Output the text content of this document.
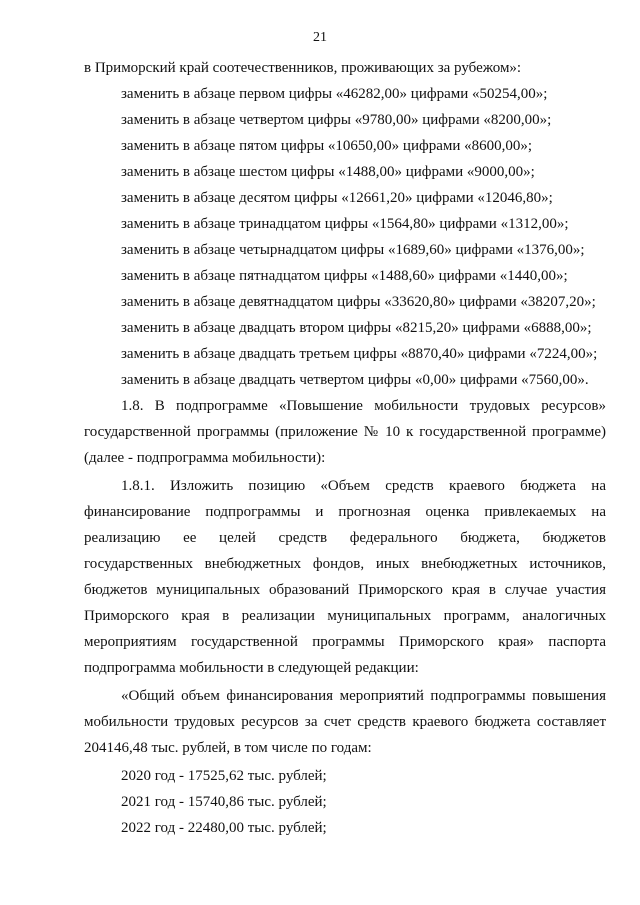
21
в Приморский край соотечественников, проживающих за рубежом»:
заменить в абзаце первом цифры «46282,00» цифрами «50254,00»;
заменить в абзаце четвертом цифры «9780,00» цифрами «8200,00»;
заменить в абзаце пятом цифры «10650,00» цифрами «8600,00»;
заменить в абзаце шестом цифры «1488,00» цифрами «9000,00»;
заменить в абзаце десятом цифры «12661,20» цифрами «12046,80»;
заменить в абзаце тринадцатом цифры «1564,80» цифрами «1312,00»;
заменить в абзаце четырнадцатом цифры «1689,60» цифрами «1376,00»;
заменить в абзаце пятнадцатом цифры «1488,60» цифрами «1440,00»;
заменить в абзаце девятнадцатом цифры «33620,80» цифрами «38207,20»;
заменить в абзаце двадцать втором цифры «8215,20» цифрами «6888,00»;
заменить в абзаце двадцать третьем цифры «8870,40» цифрами «7224,00»;
заменить в абзаце двадцать четвертом цифры «0,00» цифрами «7560,00».
1.8. В подпрограмме «Повышение мобильности трудовых ресурсов»
государственной программы (приложение № 10 к государственной программе)
(далее - подпрограмма мобильности):
1.8.1. Изложить позицию «Объем средств краевого бюджета на
финансирование подпрограммы и прогнозная оценка привлекаемых на
реализацию ее целей средств федерального бюджета, бюджетов
государственных внебюджетных фондов, иных внебюджетных источников,
бюджетов муниципальных образований Приморского края в случае участия
Приморского края в реализации муниципальных программ, аналогичных
мероприятиям государственной программы Приморского края» паспорта
подпрограмма мобильности в следующей редакции:
«Общий объем финансирования мероприятий подпрограммы повышения
мобильности трудовых ресурсов за счет средств краевого бюджета составляет
204146,48 тыс. рублей, в том числе по годам:
2020 год - 17525,62 тыс. рублей;
2021 год - 15740,86 тыс. рублей;
2022 год - 22480,00 тыс. рублей;
